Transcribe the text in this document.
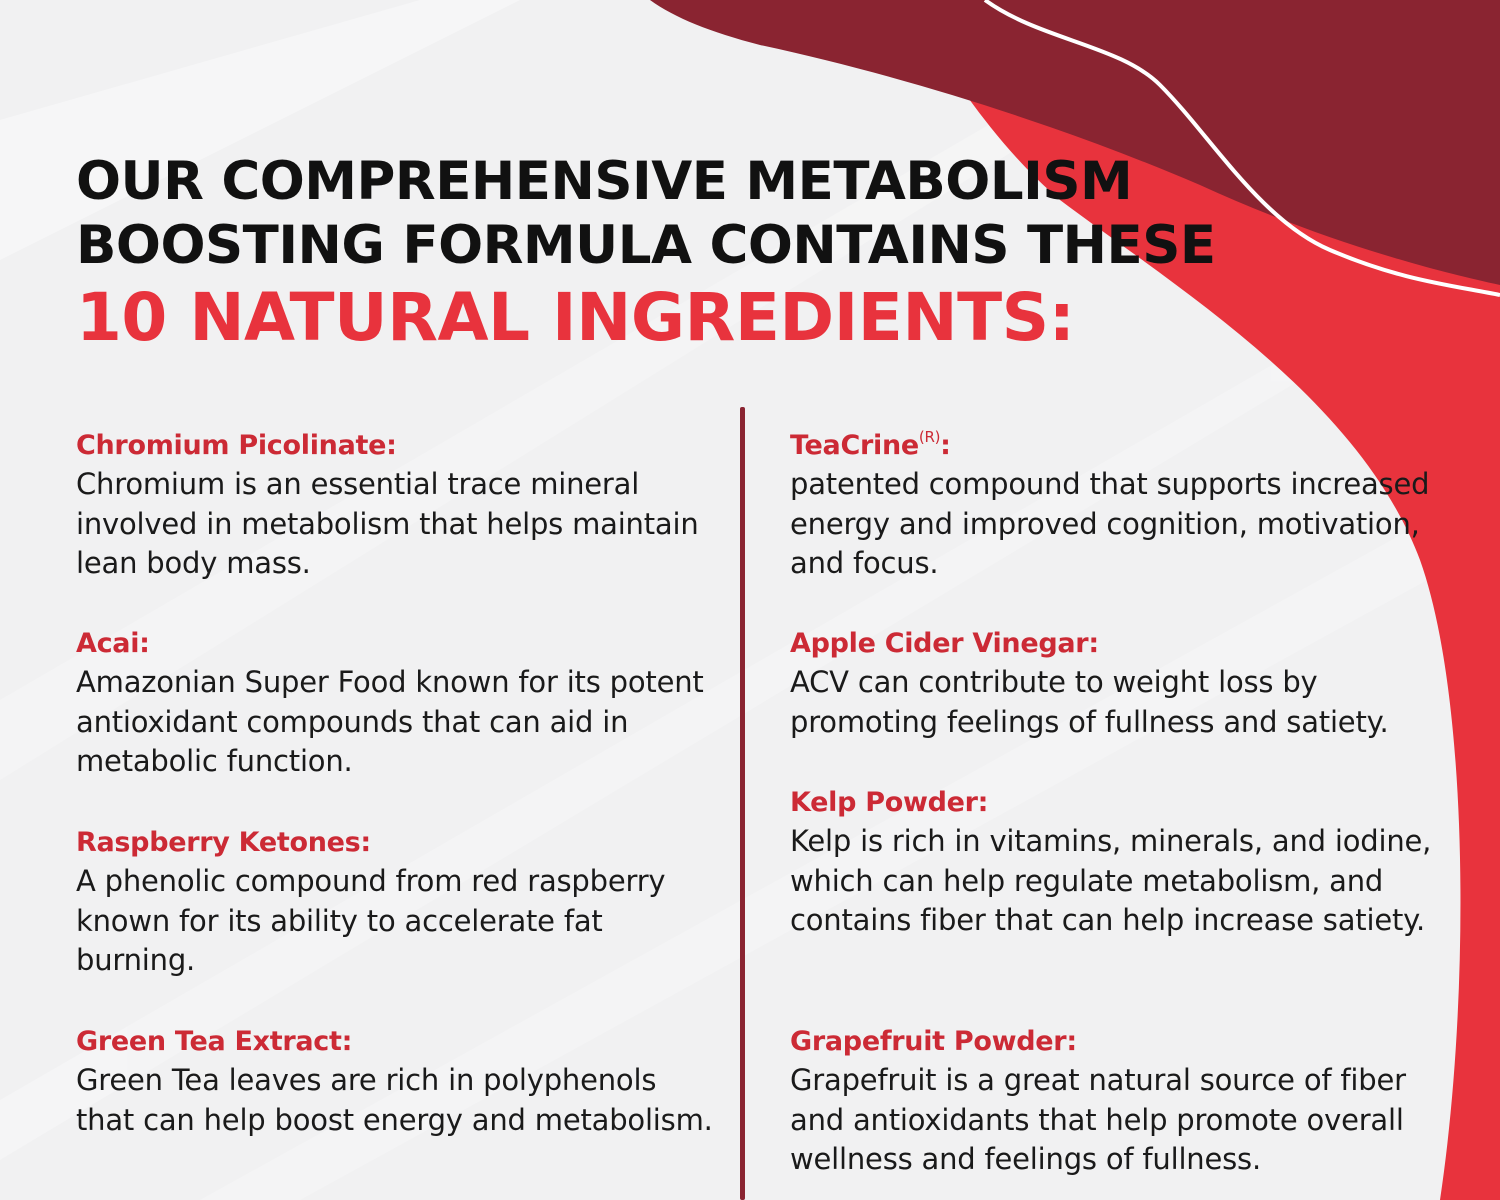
OUR COMPREHENSIVE METABOLISM
BOOSTING FORMULA CONTAINS THESE
10 NATURAL INGREDIENTS:
Chromium Picolinate:
Chromium is an essential trace mineral involved in metabolism that helps maintain lean body mass.
Acai:
Amazonian Super Food known for its potent antioxidant compounds that can aid in metabolic function.
Raspberry Ketones:
A phenolic compound from red raspberry known for its ability to accelerate fat burning.
Green Tea Extract:
Green Tea leaves are rich in polyphenols that can help boost energy and metabolism.
TeaCrine$^{(R)}$:
patented compound that supports increased energy and improved cognition, motivation, and focus.
Apple Cider Vinegar:
ACV can contribute to weight loss by promoting feelings of fullness and satiety.
Kelp Powder:
Kelp is rich in vitamins, minerals, and iodine, which can help regulate metabolism, and contains fiber that can help increase satiety.
Grapefruit Powder:
Grapefruit is a great natural source of fiber and antioxidants that help promote overall wellness and feelings of fullness.
